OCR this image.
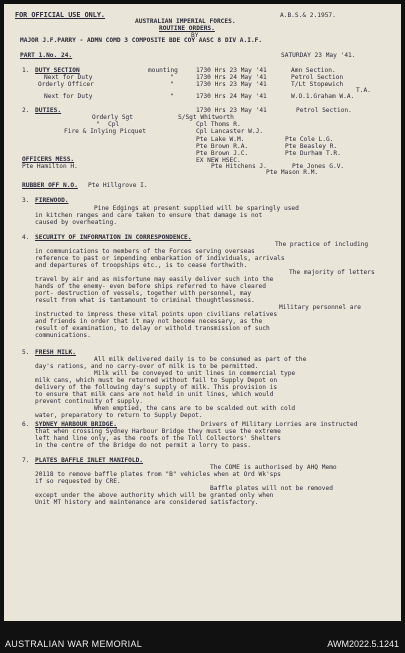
FOR OFFICIAL USE ONLY.	A.B.S.& 2.1957.
AUSTRALIAN IMPERIAL FORCES.
ROUTINE ORDERS.
BY
MAJOR J.F.PARRY - ADMN COMD 3 COMPOSITE BDE COY AASC 8 DIV A.I.F.
PART 1.No. 24.	SATURDAY 23 May '41.
1. DUTY SECTION	mounting	1730 Hrs 23 May '41	Amn Section.
Next for Duty	"	1730 Hrs 24 May '41	Petrol Section
Orderly Officer	"	1730 Hrs 23 May '41	T/Lt Stopewich
T.A.
Next for Duty	"	1730 Hrs 24 May '41	W.O.1.Graham W.A.
2. DUTIES.	1730 Hrs 23 May '41	Petrol Section.
Orderly Sgt	S/Sgt Whitworth
" Cpl	Cpl Thoms R.
Fire & Inlying Picquet	Cpl Lancaster W.J.
Pte Lake W.M.	Pte Cole L.G.
Pte Brown R.A.	Pte Beasley R.
Pte Brown J.C.	Pte Durham T.R.
EX NEW HSEC.
Pte Hitchens J.	Pte Jones G.V.
Pte Mason R.M.
OFFICERS MESS.
Pte Hamilton H.
RUBBER OFF N.O. Pte Hillgrove I.
3. FIREWOOD.
Pine Edgings at present supplied will be sparingly used
in kitchen ranges and care taken to ensure that damage is not
caused by overheating.
4. SECURITY OF INFORMATION IN CORRESPONDENCE.
The practice of including
in communications to members of the Forces serving overseas
reference to past or impending embarkation of individuals, arrivals
and departures of troopships etc., is to cease forthwith.
The majority of letters
travel by air and as misfortune may easily deliver such into the
hands of the enemy- even before ships referred to have cleared
port- destruction of vessels, together with personnel, may
result from what is tantamount to criminal thoughtlessness.
Military personnel are
instructed to impress these vital points upon civilians relatives
and friends in order that it may not become necessary, as the
result of examination, to delay or withold transmission of such
communications.
5. FRESH MILK.
All milk delivered daily is to be consumed as part of the
day's rations, and no carry-over of milk is to be permitted.
Milk will be conveyed to unit lines in commercial type
milk cans, which must be returned without fail to Supply Depot on
delivery of the following day's supply of milk. This provision is
to ensure that milk cans are not held in unit lines, which would
prevent continuity of supply.
When emptied, the cans are to be scalded out with cold
water, preparatory to return to Supply Depot.
6. SYDNEY HARBOUR BRIDGE.	Drivers of Military Lorries are instructed
that when crossing Sydney Harbour Bridge they must use the extreme
left hand line only, as the roofs of the Toll Collectors' Shelters
in the centre of the Bridge do not permit a lorry to pass.
7. PLATES BAFFLE INLET MANIFOLD.
The COME is authorised by AHQ Memo
20118 to remove baffle plates from "B" vehicles when at Ord Wk'sps
if so requested by CRE.
Baffle plates will not be removed
except under the above authority which will be granted only when
Unit MT history and maintenance are considered satisfactory.
AUSTRALIAN WAR MEMORIAL	AWM2022.5.1241
